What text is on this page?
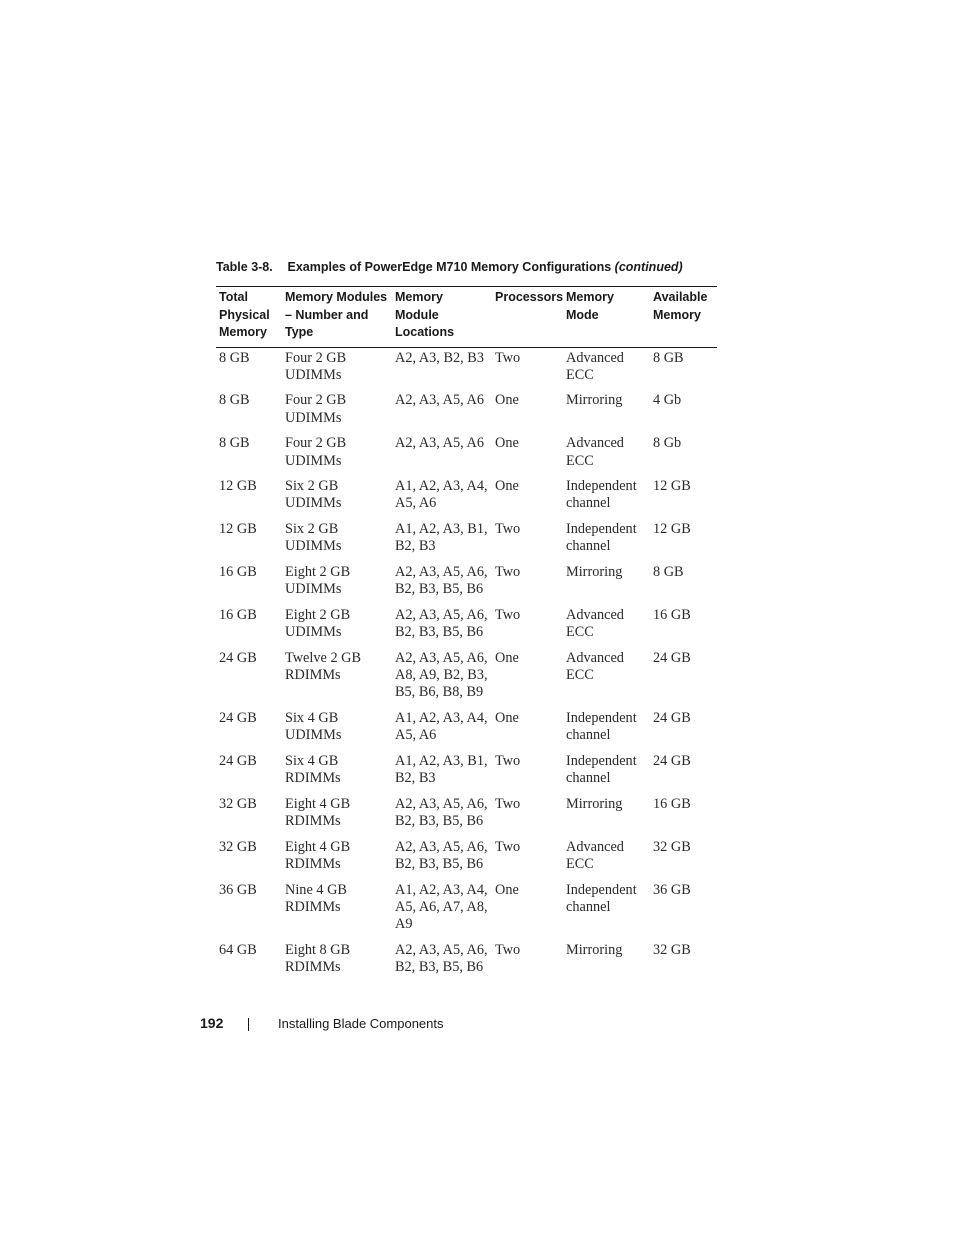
Table 3-8. Examples of PowerEdge M710 Memory Configurations (continued)
Total
Physical
Memory	Memory Modules
– Number and
Type	Memory Module
Locations	Processors	Memory
Mode	Available
Memory

8 GB	Four 2 GB
UDIMMs	A2, A3, B2, B3	Two	Advanced
ECC	8 GB

8 GB	Four 2 GB
UDIMMs	A2, A3, A5, A6	One	Mirroring	4 Gb

8 GB	Four 2 GB
UDIMMs	A2, A3, A5, A6	One	Advanced
ECC	8 Gb

12 GB	Six 2 GB
UDIMMs	A1, A2, A3, A4,
A5, A6	One	Independent
channel	12 GB

12 GB	Six 2 GB
UDIMMs	A1, A2, A3, B1,
B2, B3	Two	Independent
channel	12 GB

16 GB	Eight 2 GB
UDIMMs	A2, A3, A5, A6,
B2, B3, B5, B6	Two	Mirroring	8 GB

16 GB	Eight 2 GB
UDIMMs	A2, A3, A5, A6,
B2, B3, B5, B6	Two	Advanced
ECC	16 GB

24 GB	Twelve 2 GB
RDIMMs	A2, A3, A5, A6,
A8, A9, B2, B3,
B5, B6, B8, B9	One	Advanced
ECC	24 GB

24 GB	Six 4 GB
UDIMMs	A1, A2, A3, A4,
A5, A6	One	Independent
channel	24 GB

24 GB	Six 4 GB
RDIMMs	A1, A2, A3, B1,
B2, B3	Two	Independent
channel	24 GB

32 GB	Eight 4 GB
RDIMMs	A2, A3, A5, A6,
B2, B3, B5, B6	Two	Mirroring	16 GB

32 GB	Eight 4 GB
RDIMMs	A2, A3, A5, A6,
B2, B3, B5, B6	Two	Advanced
ECC	32 GB

36 GB	Nine 4 GB
RDIMMs	A1, A2, A3, A4,
A5, A6, A7, A8,
A9	One	Independent
channel	36 GB

64 GB	Eight 8 GB
RDIMMs	A2, A3, A5, A6,
B2, B3, B5, B6	Two	Mirroring	32 GB
192	Installing Blade Components
